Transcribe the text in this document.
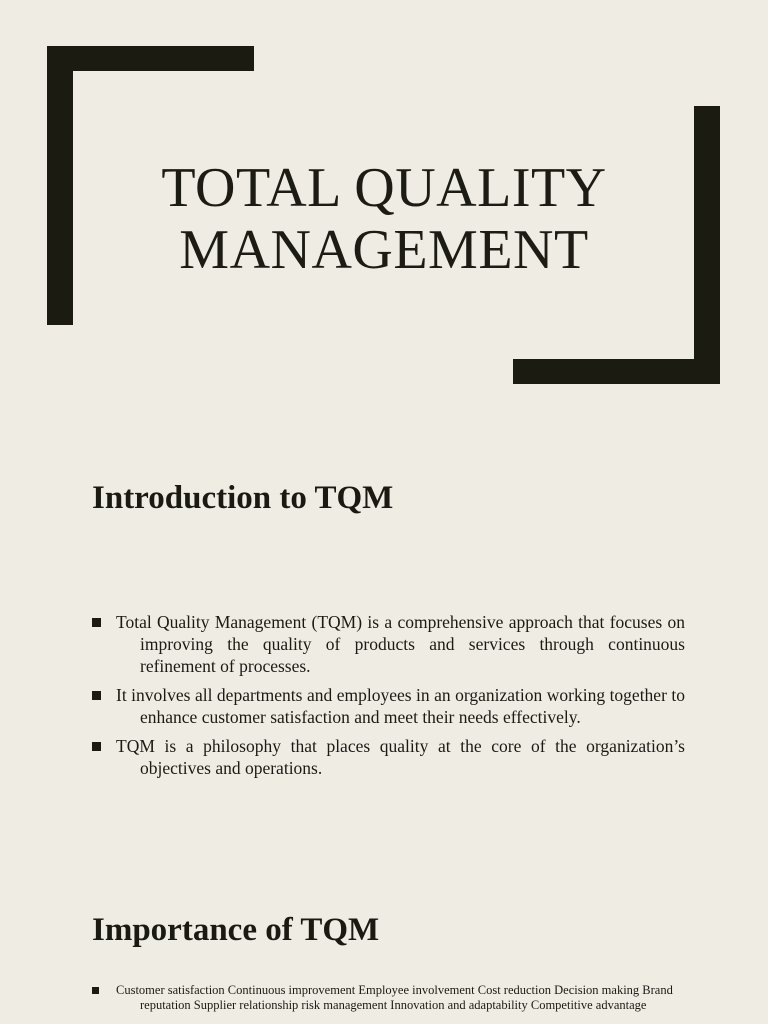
TOTAL QUALITY
MANAGEMENT
Introduction to TQM
Total Quality Management (TQM) is a comprehensive approach that focuses on improving the quality of products and services through continuous refinement of processes.
It involves all departments and employees in an organization working together to enhance customer satisfaction and meet their needs effectively.
TQM is a philosophy that places quality at the core of the organization’s objectives and operations.
Importance of TQM
Customer satisfaction Continuous improvement Employee involvement Cost reduction Decision making Brand reputation Supplier relationship risk management Innovation and adaptability Competitive advantage
